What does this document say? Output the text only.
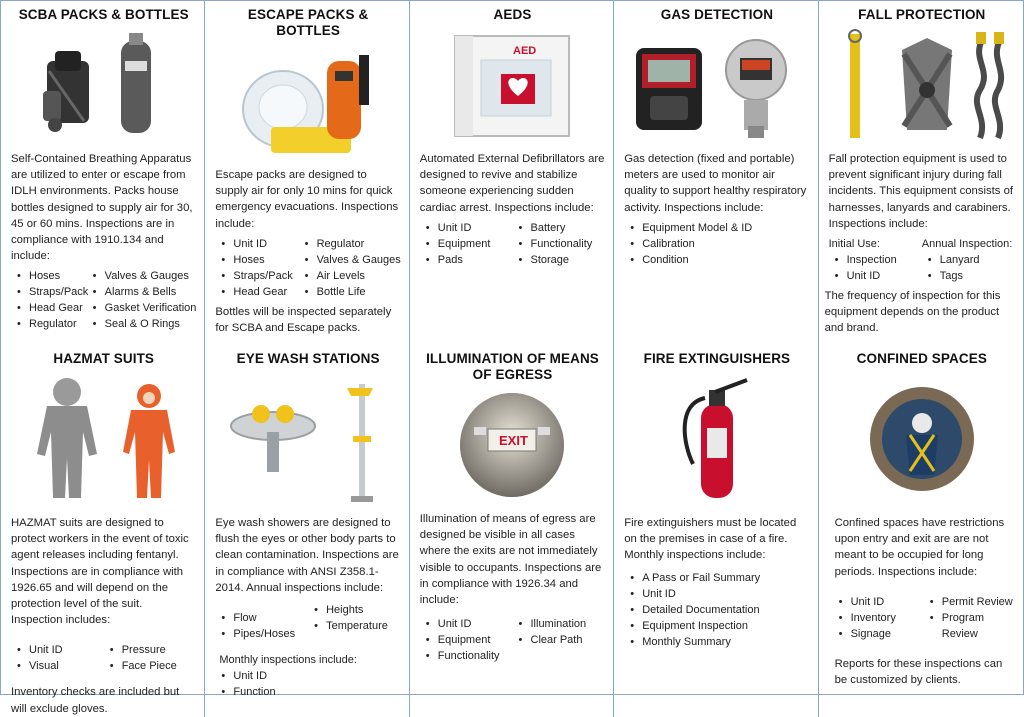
SCBA PACKS & BOTTLES
Self-Contained Breathing Apparatus are utilized to enter or escape from IDLH environments. Packs house bottles designed to supply air for 30, 45 or 60 mins. Inspections are in compliance with 1910.134 and include:
• Hoses
• Straps/Pack
• Head Gear
• Regulator
• Valves & Gauges
• Alarms & Bells
• Gasket Verification
• Seal & O Rings
ESCAPE PACKS & BOTTLES
Escape packs are designed to supply air for only 10 mins for quick emergency evacuations. Inspections include:
• Unit ID
• Hoses
• Straps/Pack
• Head Gear
• Regulator
• Valves & Gauges
• Air Levels
• Bottle Life
Bottles will be inspected separately for SCBA and Escape packs.
AEDS
AED
Automated External Defibrillators are designed to revive and stabilize someone experiencing sudden cardiac arrest. Inspections include:
• Unit ID
• Equipment
• Pads
• Battery
• Functionality
• Storage
GAS DETECTION
Gas detection (fixed and portable) meters are used to monitor air quality to support healthy respiratory activity. Inspections include:
• Equipment Model & ID
• Calibration
• Condition
FALL PROTECTION
Fall protection equipment is used to prevent significant injury during fall incidents. This equipment consists of harnesses, lanyards and carabiners. Inspections include:
Initial Use:
• Inspection
• Unit ID
Annual Inspection:
• Lanyard
• Tags
The frequency of inspection for this equipment depends on the product and brand.
HAZMAT SUITS
HAZMAT suits are designed to protect workers in the event of toxic agent releases including fentanyl. Inspections are in compliance with 1926.65 and will depend on the protection level of the suit. Inspection includes:
• Unit ID
• Visual
• Pressure
• Face Piece
Inventory checks are included but will exclude gloves.
EYE WASH STATIONS
Eye wash showers are designed to flush the eyes or other body parts to clean contamination. Inspections are in compliance with ANSI Z358.1-2014. Annual inspections include:
• Flow
• Pipes/Hoses
• Heights
• Temperature
Monthly inspections include:
• Unit ID
• Function
ILLUMINATION OF MEANS OF EGRESS
EXIT
Illumination of means of egress are designed be visible in all cases where the exits are not immediately visible to occupants. Inspections are in compliance with 1926.34 and include:
• Unit ID
• Equipment
• Functionality
• Illumination
• Clear Path
FIRE EXTINGUISHERS
Fire extinguishers must be located on the premises in case of a fire. Monthly inspections include:
• A Pass or Fail Summary
• Unit ID
• Detailed Documentation
• Equipment Inspection
• Monthly Summary
CONFINED SPACES
Confined spaces have restrictions upon entry and exit are are not meant to be occupied for long periods. Inspections include:
• Unit ID
• Inventory
• Signage
• Permit Review
• Program Review
Reports for these inspections can be customized by clients.
